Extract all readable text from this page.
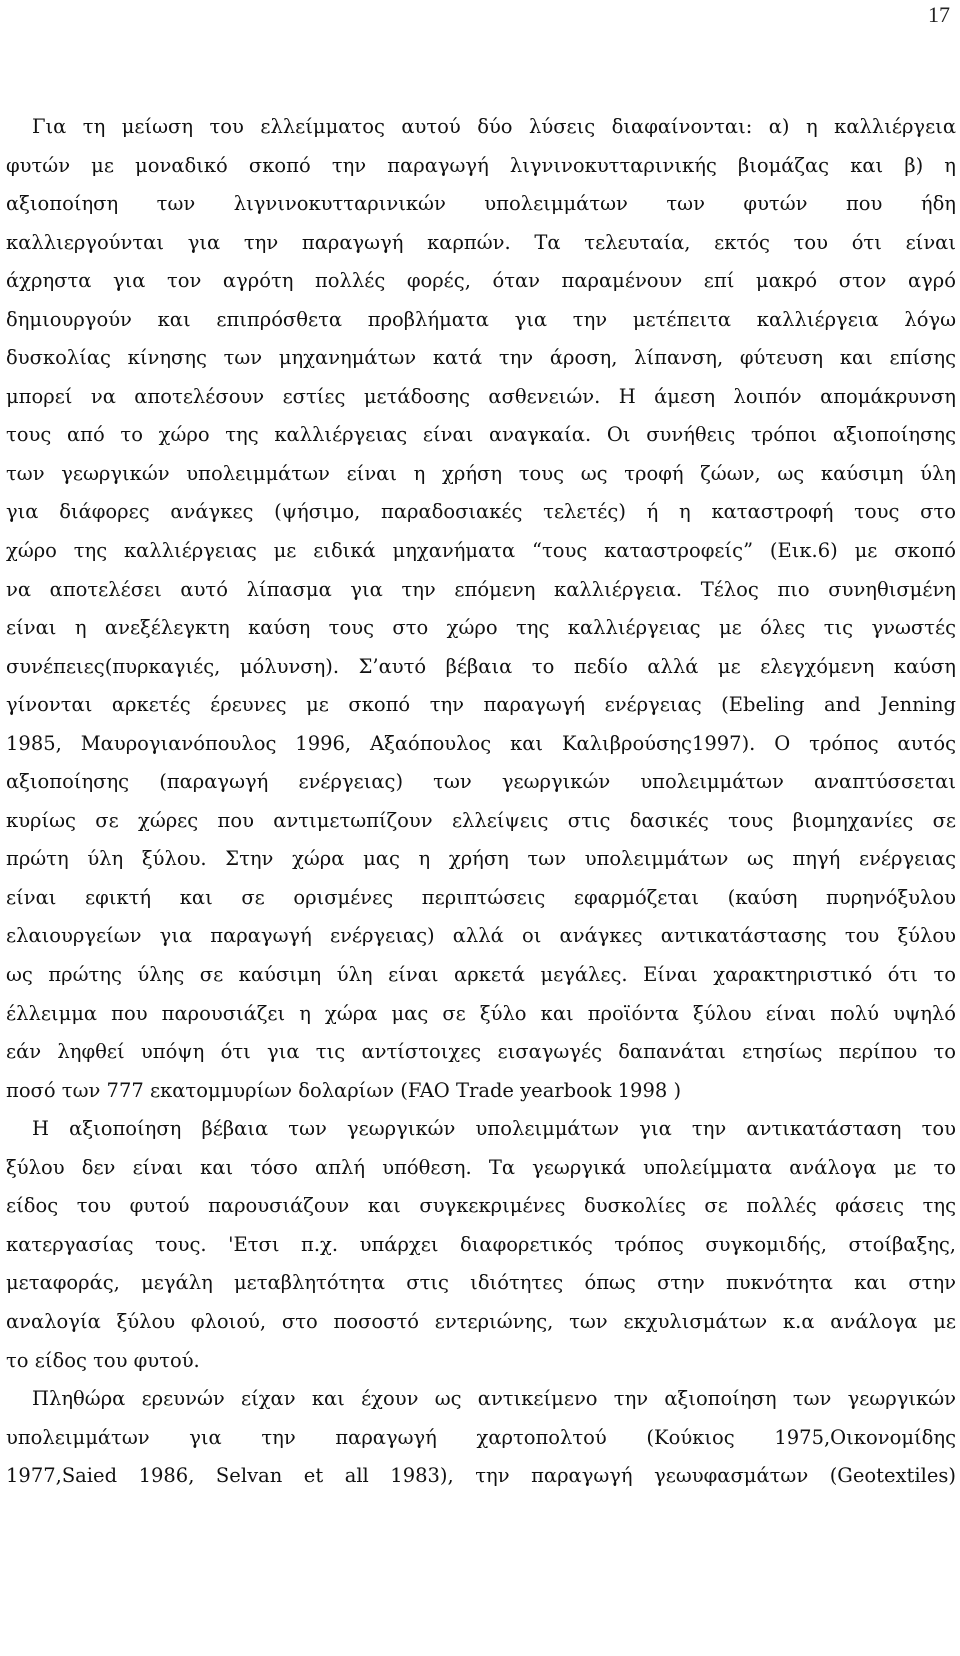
17
Για τη μείωση του ελλείμματος αυτού δύο λύσεις διαφαίνονται: α) η καλλιέργεια
φυτών με μοναδικό σκοπό την παραγωγή λιγνινοκυτταρινικής βιομάζας και β) η
αξιοποίηση των λιγνινοκυτταρινικών υπολειμμάτων των φυτών που ήδη
καλλιεργούνται για την παραγωγή καρπών. Τα τελευταία, εκτός του ότι είναι
άχρηστα για τον αγρότη πολλές φορές, όταν παραμένουν επί μακρό στον αγρό
δημιουργούν και επιπρόσθετα προβλήματα για την μετέπειτα καλλιέργεια λόγω
δυσκολίας κίνησης των μηχανημάτων κατά την άροση, λίπανση, φύτευση και επίσης
μπορεί να αποτελέσουν εστίες μετάδοσης ασθενειών. Η άμεση λοιπόν απομάκρυνση
τους από το χώρο της καλλιέργειας είναι αναγκαία. Οι συνήθεις τρόποι αξιοποίησης
των γεωργικών υπολειμμάτων είναι η χρήση τους ως τροφή ζώων, ως καύσιμη ύλη
για διάφορες ανάγκες (ψήσιμο, παραδοσιακές τελετές) ή η καταστροφή τους στο
χώρο της καλλιέργειας με ειδικά μηχανήματα “τους καταστροφείς” (Εικ.6) με σκοπό
να αποτελέσει αυτό λίπασμα για την επόμενη καλλιέργεια. Τέλος πιο συνηθισμένη
είναι η ανεξέλεγκτη καύση τους στο χώρο της καλλιέργειας με όλες τις γνωστές
συνέπειες(πυρκαγιές, μόλυνση). Σ’αυτό βέβαια το πεδίο αλλά με ελεγχόμενη καύση
γίνονται αρκετές έρευνες με σκοπό την παραγωγή ενέργειας (Ebeling and Jenning
1985, Μαυρογιανόπουλος 1996, Αξαόπουλος και Καλιβρούσης1997). Ο τρόπος αυτός
αξιοποίησης (παραγωγή ενέργειας) των γεωργικών υπολειμμάτων αναπτύσσεται
κυρίως σε χώρες που αντιμετωπίζουν ελλείψεις στις δασικές τους βιομηχανίες σε
πρώτη ύλη ξύλου. Στην χώρα μας η χρήση των υπολειμμάτων ως πηγή ενέργειας
είναι εφικτή και σε ορισμένες περιπτώσεις εφαρμόζεται (καύση πυρηνόξυλου
ελαιουργείων για παραγωγή ενέργειας) αλλά οι ανάγκες αντικατάστασης του ξύλου
ως πρώτης ύλης σε καύσιμη ύλη είναι αρκετά μεγάλες. Είναι χαρακτηριστικό ότι το
έλλειμμα που παρουσιάζει η χώρα μας σε ξύλο και προϊόντα ξύλου είναι πολύ υψηλό
εάν ληφθεί υπόψη ότι για τις αντίστοιχες εισαγωγές δαπανάται ετησίως περίπου το
ποσό των 777 εκατομμυρίων δολαρίων (FAO Trade yearbook 1998 )
Η αξιοποίηση βέβαια των γεωργικών υπολειμμάτων για την αντικατάσταση του
ξύλου δεν είναι και τόσο απλή υπόθεση. Τα γεωργικά υπολείμματα ανάλογα με το
είδος του φυτού παρουσιάζουν και συγκεκριμένες δυσκολίες σε πολλές φάσεις της
κατεργασίας τους. 'Ετσι π.χ. υπάρχει διαφορετικός τρόπος συγκομιδής, στοίβαξης,
μεταφοράς, μεγάλη μεταβλητότητα στις ιδιότητες όπως στην πυκνότητα και στην
αναλογία ξύλου φλοιού, στο ποσοστό εντεριώνης, των εκχυλισμάτων κ.α ανάλογα με
το είδος του φυτού.
Πληθώρα ερευνών είχαν και έχουν ως αντικείμενο την αξιοποίηση των γεωργικών
υπολειμμάτων για την παραγωγή χαρτοπολτού (Κούκιος 1975,Οικονομίδης
1977,Saied 1986, Selvan et all 1983), την παραγωγή γεωυφασμάτων (Geotextiles)
